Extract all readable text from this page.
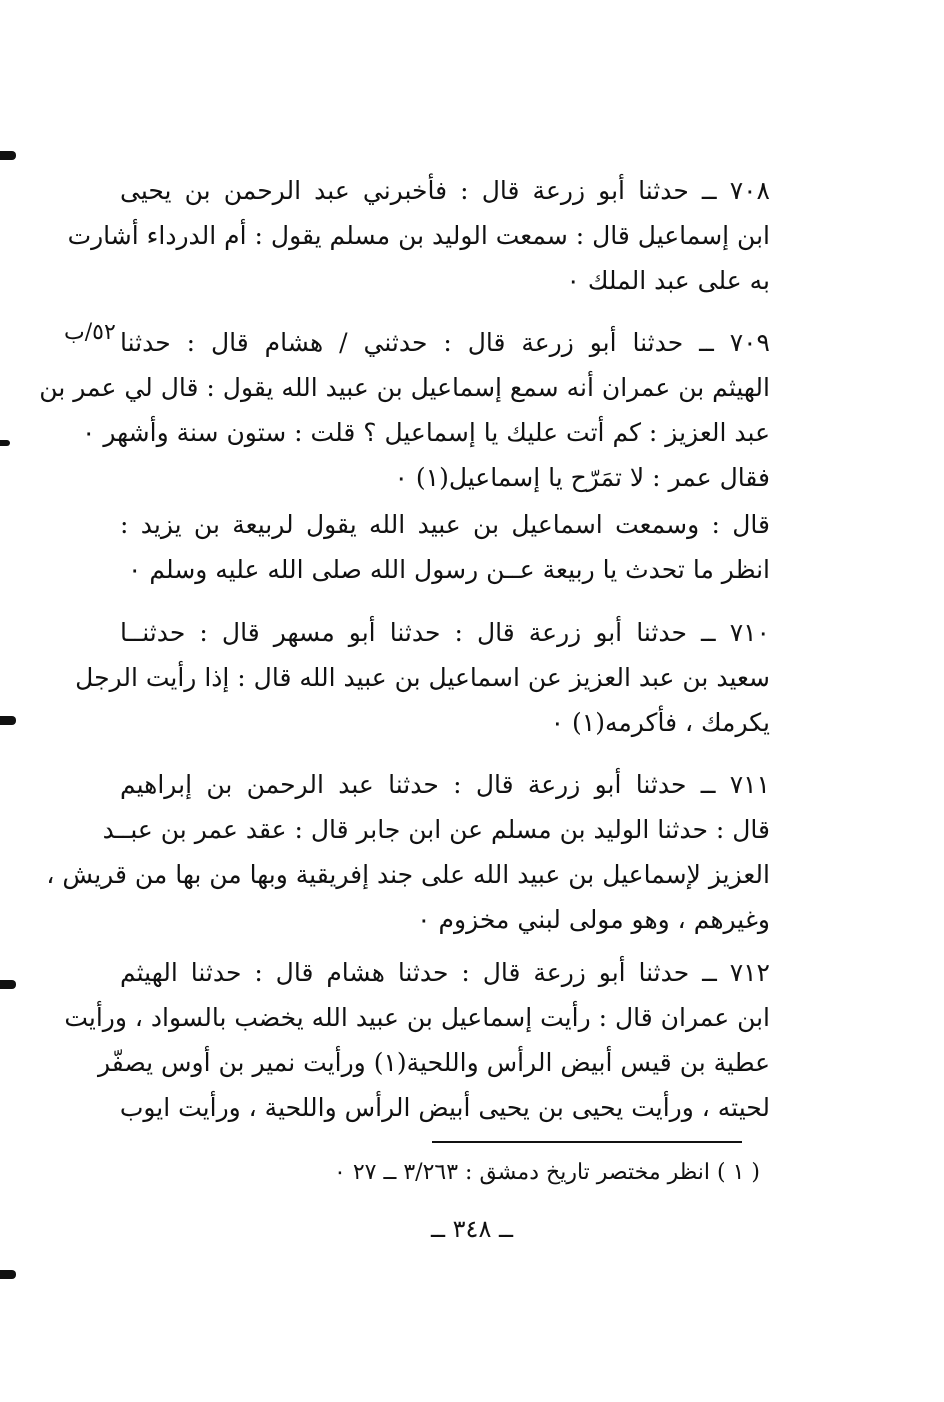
٥٢/ب
٧٠٨ ــ حدثنا أبو زرعة قال : فأخبرني عبد الرحمن بن يحيى
ابن إسماعيل قال : سمعت الوليد بن مسلم يقول : أم الدرداء أشارت
به على عبد الملك ٠
٧٠٩ ــ حدثنا أبو زرعة قال : حدثني / هشام قال : حدثنا
الهيثم بن عمران أنه سمع إسماعيل بن عبيد الله يقول : قال لي عمر بن
عبد العزيز : كم أتت عليك يا إسماعيل ؟ قلت : ستون سنة وأشهر ٠
فقال عمر : لا تمَرّح يا إسماعيل(١) ٠
قال : وسمعت اسماعيل بن عبيد الله يقول لربيعة بن يزيد :
انظر ما تحدث يا ربيعة عــن رسول الله صلى الله عليه وسلم ٠
٧١٠ ــ حدثنا أبو زرعة قال : حدثنا أبو مسهر قال : حدثنــا
سعيد بن عبد العزيز عن اسماعيل بن عبيد الله قال : إذا رأيت الرجل
يكرمك ، فأكرمه(١) ٠
٧١١ ــ حدثنا أبو زرعة قال : حدثنا عبد الرحمن بن إبراهيم
قال : حدثنا الوليد بن مسلم عن ابن جابر قال : عقد عمر بن عبــد
العزيز لإسماعيل بن عبيد الله على جند إفريقية وبها من بها من قريش ،
وغيرهم ، وهو مولى لبني مخزوم ٠
٧١٢ ــ حدثنا أبو زرعة قال : حدثنا هشام قال : حدثنا الهيثم
ابن عمران قال : رأيت إسماعيل بن عبيد الله يخضب بالسواد ، ورأيت
عطية بن قيس أبيض الرأس واللحية(١) ورأيت نمير بن أوس يصفّر
لحيته ، ورأيت يحيى بن يحيى أبيض الرأس واللحية ، ورأيت ايوب
( ١ ) انظر مختصر تاريخ دمشق : ٣/٢٦٣ ــ ٢٧ ٠
ــ ٣٤٨ ــ
